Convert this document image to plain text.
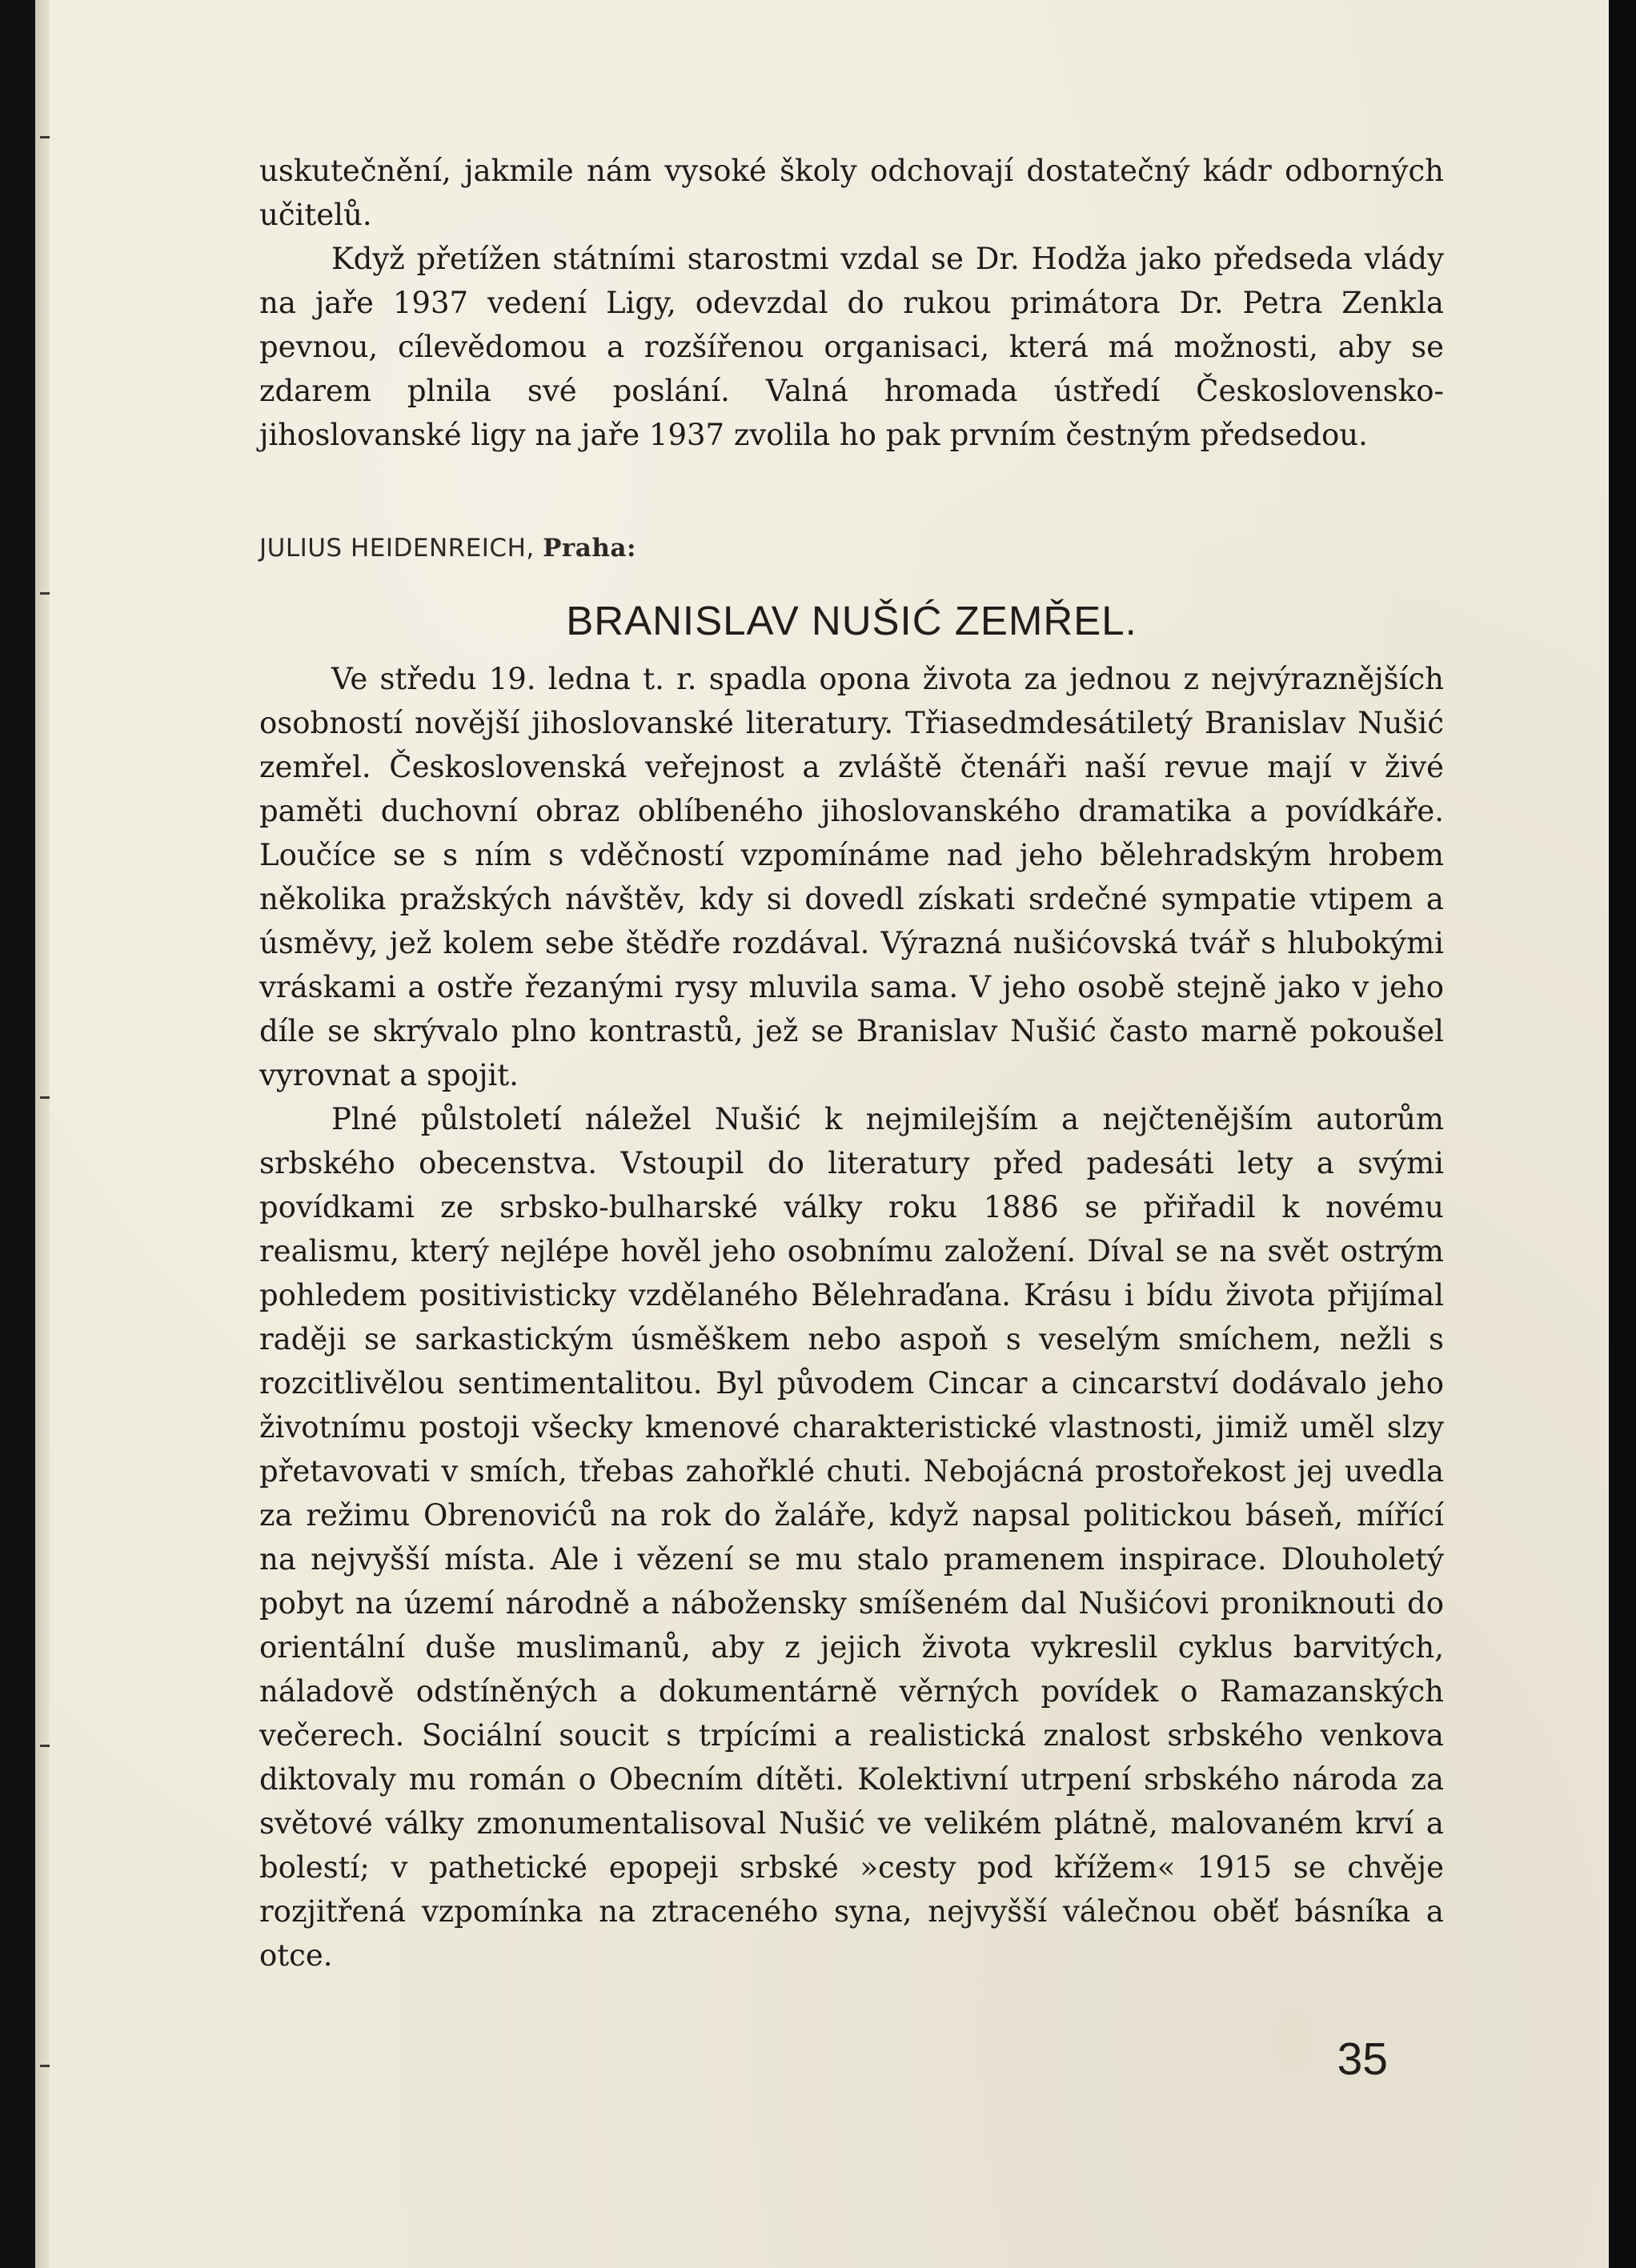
uskutečnění, jakmile nám vysoké školy odchovají dostatečný kádr odborných učitelů.

Když přetížen státními starostmi vzdal se Dr. Hodža jako předseda vlády na jaře 1937 vedení Ligy, odevzdal do rukou primátora Dr. Petra Zenkla pevnou, cílevědomou a rozšířenou organisaci, která má možnosti, aby se zdarem plnila své poslání. Valná hromada ústředí Československo-jihoslovanské ligy na jaře 1937 zvolila ho pak prvním čestným předsedou.

JULIUS HEIDENREICH, Praha:

BRANISLAV NUŠIĆ ZEMŘEL.

Ve středu 19. ledna t. r. spadla opona života za jednou z nejvýraznějších osobností novější jihoslovanské literatury. Třiasedmdesátiletý Branislav Nušić zemřel. Československá veřejnost a zvláště čtenáři naší revue mají v živé paměti duchovní obraz oblíbeného jihoslovanského dramatika a povídkáře. Loučíce se s ním s vděčností vzpomínáme nad jeho bělehradským hrobem několika pražských návštěv, kdy si dovedl získati srdečné sympatie vtipem a úsměvy, jež kolem sebe štědře rozdával. Výrazná nušićovská tvář s hlubokými vráskami a ostře řezanými rysy mluvila sama. V jeho osobě stejně jako v jeho díle se skrývalo plno kontrastů, jež se Branislav Nušić často marně pokoušel vyrovnat a spojit.

Plné půlstoletí náležel Nušić k nejmilejším a nejčtenějším autorům srbského obecenstva. Vstoupil do literatury před padesáti lety a svými povídkami ze srbsko-bulharské války roku 1886 se přiřadil k novému realismu, který nejlépe hověl jeho osobnímu založení. Díval se na svět ostrým pohledem positivisticky vzdělaného Bělehraďana. Krásu i bídu života přijímal raději se sarkastickým úsměškem nebo aspoň s veselým smíchem, nežli s rozcitlivělou sentimentalitou. Byl původem Cincar a cincarství dodávalo jeho životnímu postoji všecky kmenové charakteristické vlastnosti, jimiž uměl slzy přetavovati v smích, třebas zahořklé chuti. Nebojácná prostořekost jej uvedla za režimu Obrenovićů na rok do žaláře, když napsal politickou báseň, mířící na nejvyšší místa. Ale i vězení se mu stalo pramenem inspirace. Dlouholetý pobyt na území národně a nábožensky smíšeném dal Nušićovi proniknouti do orientální duše muslimanů, aby z jejich života vykreslil cyklus barvitých, náladově odstíněných a dokumentárně věrných povídek o Ramazanských večerech. Sociální soucit s trpícími a realistická znalost srbského venkova diktovaly mu román o Obecním dítěti. Kolektivní utrpení srbského národa za světové války zmonumentalisoval Nušić ve velikém plátně, malovaném krví a bolestí; v pathetické epopeji srbské »cesty pod křížem« 1915 se chvěje rozjitřená vzpomínka na ztraceného syna, nejvyšší válečnou oběť básníka a otce.

35
